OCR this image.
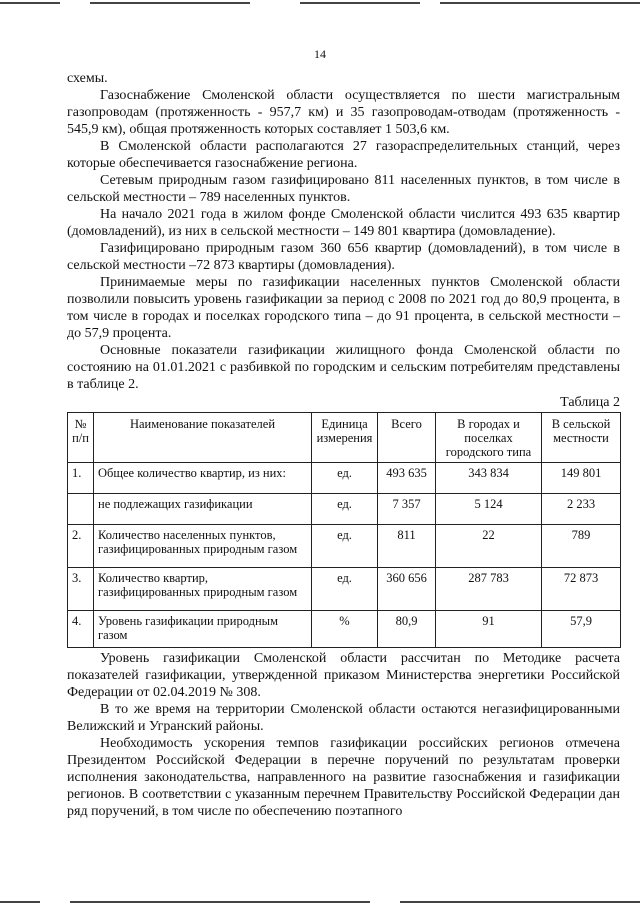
14

схемы.

Газоснабжение Смоленской области осуществляется по шести магистральным газопроводам (протяженность - 957,7 км) и 35 газопроводам-отводам (протяженность - 545,9 км), общая протяженность которых составляет 1 503,6 км.

В Смоленской области располагаются 27 газораспределительных станций, через которые обеспечивается газоснабжение региона.

Сетевым природным газом газифицировано 811 населенных пунктов, в том числе в сельской местности – 789 населенных пунктов.

На начало 2021 года в жилом фонде Смоленской области числится 493 635 квартир (домовладений), из них в сельской местности – 149 801 квартира (домовладение).

Газифицировано природным газом 360 656 квартир (домовладений), в том числе в сельской местности –72 873 квартиры (домовладения).

Принимаемые меры по газификации населенных пунктов Смоленской области позволили повысить уровень газификации за период с 2008 по 2021 год до 80,9 процента, в том числе в городах и поселках городского типа – до 91 процента, в сельской местности – до 57,9 процента.

Основные показатели газификации жилищного фонда Смоленской области по состоянию на 01.01.2021 с разбивкой по городским и сельским потребителям представлены в таблице 2.

Таблица 2
№ п/п	Наименование показателей	Единица измерения	Всего	В городах и поселках городского типа	В сельской местности
1.	Общее количество квартир, из них:	ед.	493 635	343 834	149 801
	не подлежащих газификации	ед.	7 357	5 124	2 233
2.	Количество населенных пунктов, газифицированных природным газом	ед.	811	22	789
3.	Количество квартир, газифицированных природным газом	ед.	360 656	287 783	72 873
4.	Уровень газификации природным газом	%	80,9	91	57,9

Уровень газификации Смоленской области рассчитан по Методике расчета показателей газификации, утвержденной приказом Министерства энергетики Российской Федерации от 02.04.2019 № 308.

В то же время на территории Смоленской области остаются негазифицированными Велижский и Угранский районы.

Необходимость ускорения темпов газификации российских регионов отмечена Президентом Российской Федерации в перечне поручений по результатам проверки исполнения законодательства, направленного на развитие газоснабжения и газификации регионов. В соответствии с указанным перечнем Правительству Российской Федерации дан ряд поручений, в том числе по обеспечению поэтапного
